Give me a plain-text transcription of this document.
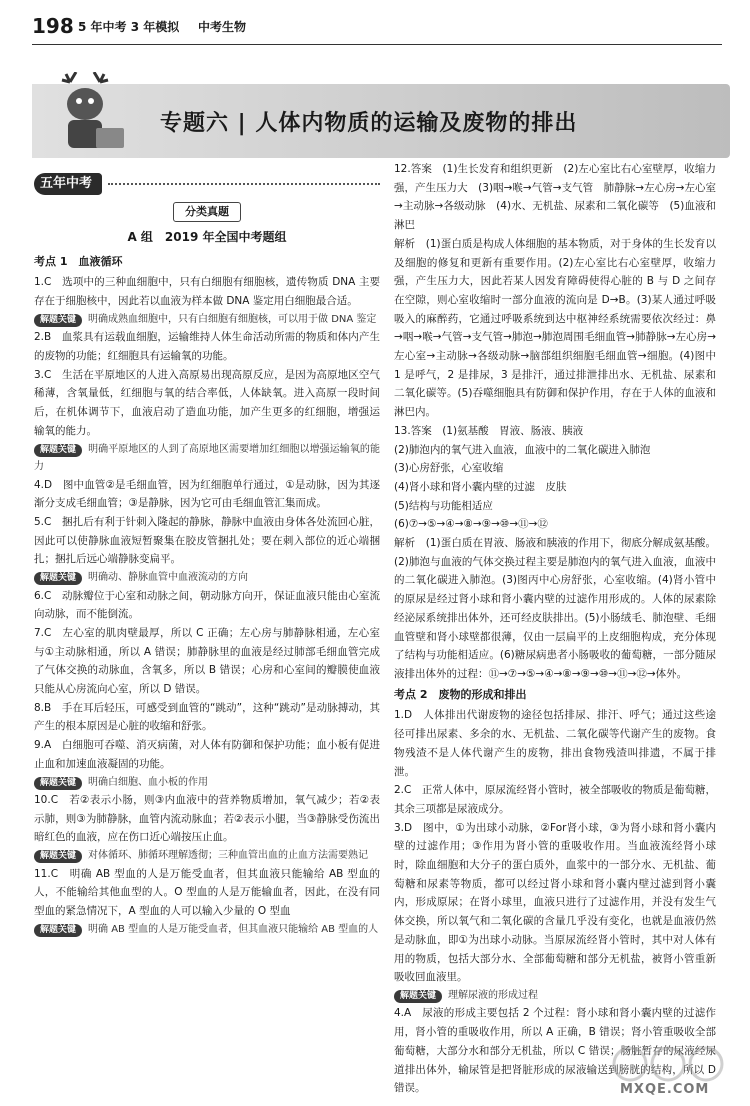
198 5 年中考 3 年模拟 中考生物
专题六 | 人体内物质的运输及废物的排出
五年中考
分类真题
A 组　2019 年全国中考题组
考点 1　血液循环

1.C　选项中的三种血细胞中，只有白细胞有细胞核，遗传物质 DNA 主要存在于细胞核中，因此若以血液为样本做 DNA 鉴定用白细胞最合适。

解题关键 明确成熟血细胞中，只有白细胞有细胞核，可以用于做 DNA 鉴定

2.B　血浆具有运载血细胞，运输维持人体生命活动所需的物质和体内产生的废物的功能；红细胞具有运输氧的功能。

3.C　生活在平原地区的人进入高原易出现高原反应，是因为高原地区空气稀薄，含氧量低，红细胞与氧的结合率低，人体缺氧。进入高原一段时间后，在机体调节下，血液启动了造血功能，加产生更多的红细胞，增强运输氧的能力。

解题关键 明确平原地区的人到了高原地区需要增加红细胞以增强运输氧的能力

4.D　图中血管②是毛细血管，因为红细胞单行通过，①是动脉，因为其逐渐分支成毛细血管；③是静脉，因为它可由毛细血管汇集而成。

5.C　捆扎后有利于针刺入隆起的静脉，静脉中血液由身体各处流回心脏，因此可以使静脉血液短暂聚集在胶皮管捆扎处；要在刺入部位的近心端捆扎；捆扎后远心端静脉变扁平。

解题关键 明确动、静脉血管中血液流动的方向

6.C　动脉瓣位于心室和动脉之间，朝动脉方向开，保证血液只能由心室流向动脉，而不能倒流。

7.C　左心室的肌肉壁最厚，所以 C 正确；左心房与肺静脉相通，左心室与①主动脉相通，所以 A 错误；肺静脉里的血液是经过肺部毛细血管完成了气体交换的动脉血，含氧多，所以 B 错误；心房和心室间的瓣膜使血液只能从心房流向心室，所以 D 错误。

8.B　手在耳后轻压，可感受到血管的“跳动”，这种“跳动”是动脉搏动，其产生的根本原因是心脏的收缩和舒张。

9.A　白细胞可吞噬、消灭病菌，对人体有防御和保护功能；血小板有促进止血和加速血液凝固的功能。

解题关键 明确白细胞、血小板的作用

10.C　若②表示小肠，则③内血液中的营养物质增加，氧气减少；若②表示肺，则③为肺静脉，血管内流动脉血；若②表示小腿，当③静脉受伤流出暗红色的血液，应在伤口近心端按压止血。

解题关键 对体循环、肺循环理解透彻；三种血管出血的止血方法需要熟记

11.C　明确 AB 型血的人是万能受血者，但其血液只能输给 AB 型血的人，不能输给其他血型的人。O 型血的人是万能输血者，因此，在没有同型血的紧急情况下，A 型血的人可以输入少量的 O 型血

解题关键 明确 AB 型血的人是万能受血者，但其血液只能输给 AB 型血的人

12.答案　(1)生长发育和组织更新　(2)左心室比右心室壁厚，收缩力强，产生压力大　(3)咽→喉→气管→支气管　肺静脉→左心房→左心室→主动脉→各级动脉　(4)水、无机盐、尿素和二氧化碳等　(5)血液和淋巴

解析　(1)蛋白质是构成人体细胞的基本物质，对于身体的生长发育以及细胞的修复和更新有重要作用。(2)左心室比右心室壁厚，收缩力强，产生压力大，因此若某人因发育障碍使得心脏的 B 与 D 之间存在空隙，则心室收缩时一部分血液的流向是 D→B。(3)某人通过呼吸吸入的麻醉药，它通过呼吸系统到达中枢神经系统需要依次经过：鼻→咽→喉→气管→支气管→肺泡→肺泡周围毛细血管→肺静脉→左心房→左心室→主动脉→各级动脉→脑部组织细胞毛细血管→细胞。(4)图中 1 是呼气，2 是排尿，3 是排汗，通过排泄排出水、无机盐、尿素和二氧化碳等。(5)吞噬细胞具有防御和保护作用，存在于人体的血液和淋巴内。

13.答案　(1)氨基酸　胃液、肠液、胰液

(2)肺泡内的氧气进入血液，血液中的二氧化碳进入肺泡

(3)心房舒张，心室收缩

(4)肾小球和肾小囊内壁的过滤　皮肤

(5)结构与功能相适应

(6)⑦→⑤→④→⑧→⑨→⑩→⑪→⑫

解析　(1)蛋白质在胃液、肠液和胰液的作用下，彻底分解成氨基酸。(2)肺泡与血液的气体交换过程主要是肺泡内的氧气进入血液，血液中的二氧化碳进入肺泡。(3)图丙中心房舒张，心室收缩。(4)肾小管中的原尿是经过肾小球和肾小囊内壁的过滤作用形成的。人体的尿素除经泌尿系统排出体外，还可经皮肤排出。(5)小肠绒毛、肺泡壁、毛细血管壁和肾小球壁都很薄，仅由一层扁平的上皮细胞构成，充分体现了结构与功能相适应。(6)糖尿病患者小肠吸收的葡萄糖，一部分随尿液排出体外的过程：⑪→⑦→⑤→④→⑧→⑨→⑩→⑪→⑫→体外。

考点 2　废物的形成和排出

1.D　人体排出代谢废物的途径包括排尿、排汗、呼气；通过这些途径可排出尿素、多余的水、无机盐、二氧化碳等代谢产生的废物。食物残渣不是人体代谢产生的废物，排出食物残渣叫排遗，不属于排泄。

2.C　正常人体中，原尿流经肾小管时，被全部吸收的物质是葡萄糖，其余三项都是尿液成分。

3.D　图中，①为出球小动脉，②For肾小球，③为肾小球和肾小囊内壁的过滤作用；③作用为肾小管的重吸收作用。当血液流经肾小球时，除血细胞和大分子的蛋白质外，血浆中的一部分水、无机盐、葡萄糖和尿素等物质，都可以经过肾小球和肾小囊内壁过滤到肾小囊内，形成原尿；在肾小球里，血液只进行了过滤作用，并没有发生气体交换，所以氧气和二氧化碳的含量几乎没有变化，也就是血液仍然是动脉血，即①为出球小动脉。当原尿流经肾小管时，其中对人体有用的物质，包括大部分水、全部葡萄糖和部分无机盐，被肾小管重新吸收回血液里。

解题关键 理解尿液的形成过程

4.A　尿液的形成主要包括 2 个过程：肾小球和肾小囊内壁的过滤作用，肾小管的重吸收作用，所以 A 正确，B 错误；肾小管重吸收全部葡萄糖，大部分水和部分无机盐，所以 C 错误；肠脏暂存的尿液经尿道排出体外，输尿管是把肾脏形成的尿液输送到膀胱的结构，所以 D 错误。	MXQE.COM
